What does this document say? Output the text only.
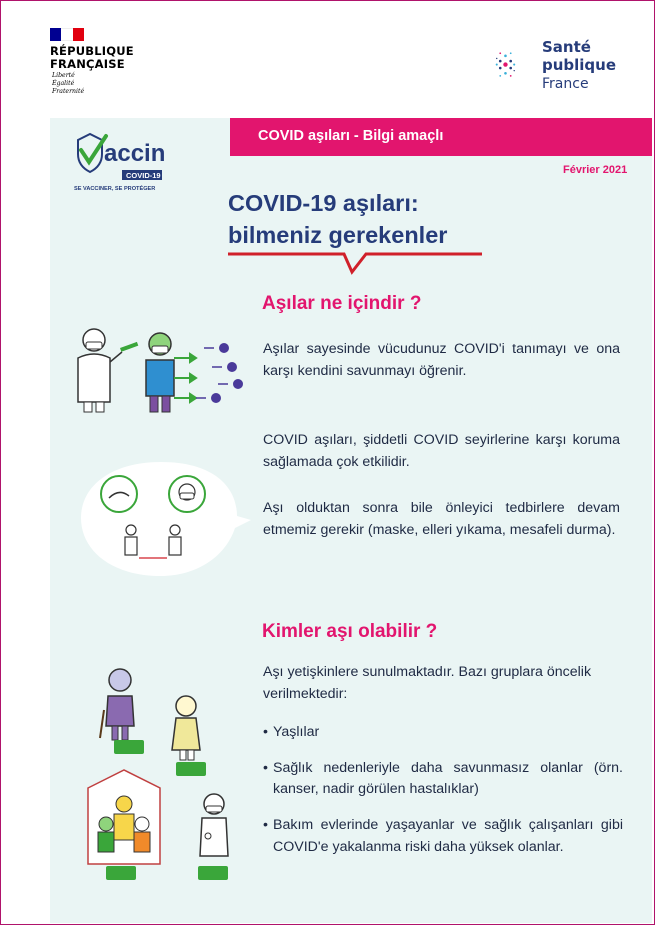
RÉPUBLIQUE
FRANÇAISE
Liberté
Égalité
Fraternité
Santé
publique
France
COVID aşıları - Bilgi amaçlı
Février 2021
accin
COVID-19
SE VACCINER, SE PROTÉGER
COVID-19 aşıları:
bilmeniz gerekenler
Aşılar ne içindir ?
Aşılar sayesinde vücudunuz COVID'i tanımayı ve ona karşı kendini savunmayı öğrenir.
COVID aşıları, şiddetli COVID seyirlerine karşı koruma sağlamada çok etkilidir.
Aşı olduktan sonra bile önleyici tedbirlere devam etmemiz gerekir (maske, elleri yıkama, mesafeli durma).
Kimler aşı olabilir ?
Aşı yetişkinlere sunulmaktadır. Bazı gruplara öncelik verilmektedir:
• Yaşlılar
• Sağlık nedenleriyle daha savunmasız olanlar (örn. kanser, nadir görülen hastalıklar)
• Bakım evlerinde yaşayanlar ve sağlık çalışanları gibi COVID'e yakalanma riski daha yüksek olanlar.
